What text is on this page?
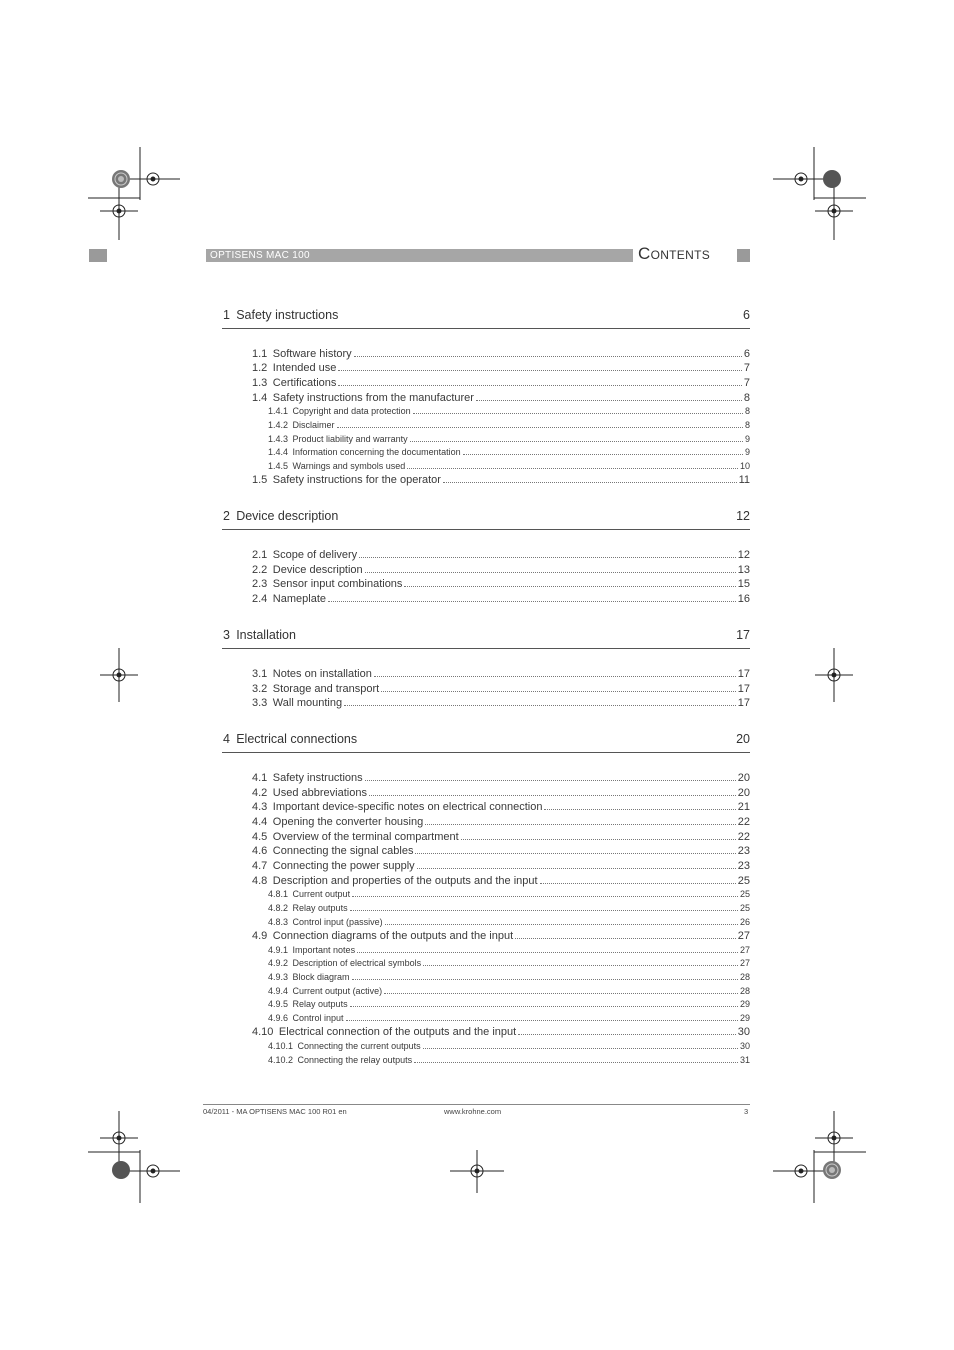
OPTISENS MAC 100	Contents
1  Safety instructions	6
1.1  Software history	6
1.2  Intended use	7
1.3  Certifications	7
1.4  Safety instructions from the manufacturer	8
1.4.1  Copyright and data protection	8
1.4.2  Disclaimer	8
1.4.3  Product liability and warranty	9
1.4.4  Information concerning the documentation	9
1.4.5  Warnings and symbols used	10
1.5  Safety instructions for the operator	11
2  Device description	12
2.1  Scope of delivery	12
2.2  Device description	13
2.3  Sensor input combinations	15
2.4  Nameplate	16
3  Installation	17
3.1  Notes on installation	17
3.2  Storage and transport	17
3.3  Wall mounting	17
4  Electrical connections	20
4.1  Safety instructions	20
4.2  Used abbreviations	20
4.3  Important device-specific notes on electrical connection	21
4.4  Opening the converter housing	22
4.5  Overview of the terminal compartment	22
4.6  Connecting the signal cables	23
4.7  Connecting the power supply	23
4.8  Description and properties of the outputs and the input	25
4.8.1  Current output	25
4.8.2  Relay outputs	25
4.8.3  Control input (passive)	26
4.9  Connection diagrams of the outputs and the input	27
4.9.1  Important notes	27
4.9.2  Description of electrical symbols	27
4.9.3  Block diagram	28
4.9.4  Current output (active)	28
4.9.5  Relay outputs	29
4.9.6  Control input	29
4.10  Electrical connection of the outputs and the input	30
4.10.1  Connecting the current outputs	30
4.10.2  Connecting the relay outputs	31
04/2011 - MA OPTISENS MAC 100 R01 en	www.krohne.com	3
